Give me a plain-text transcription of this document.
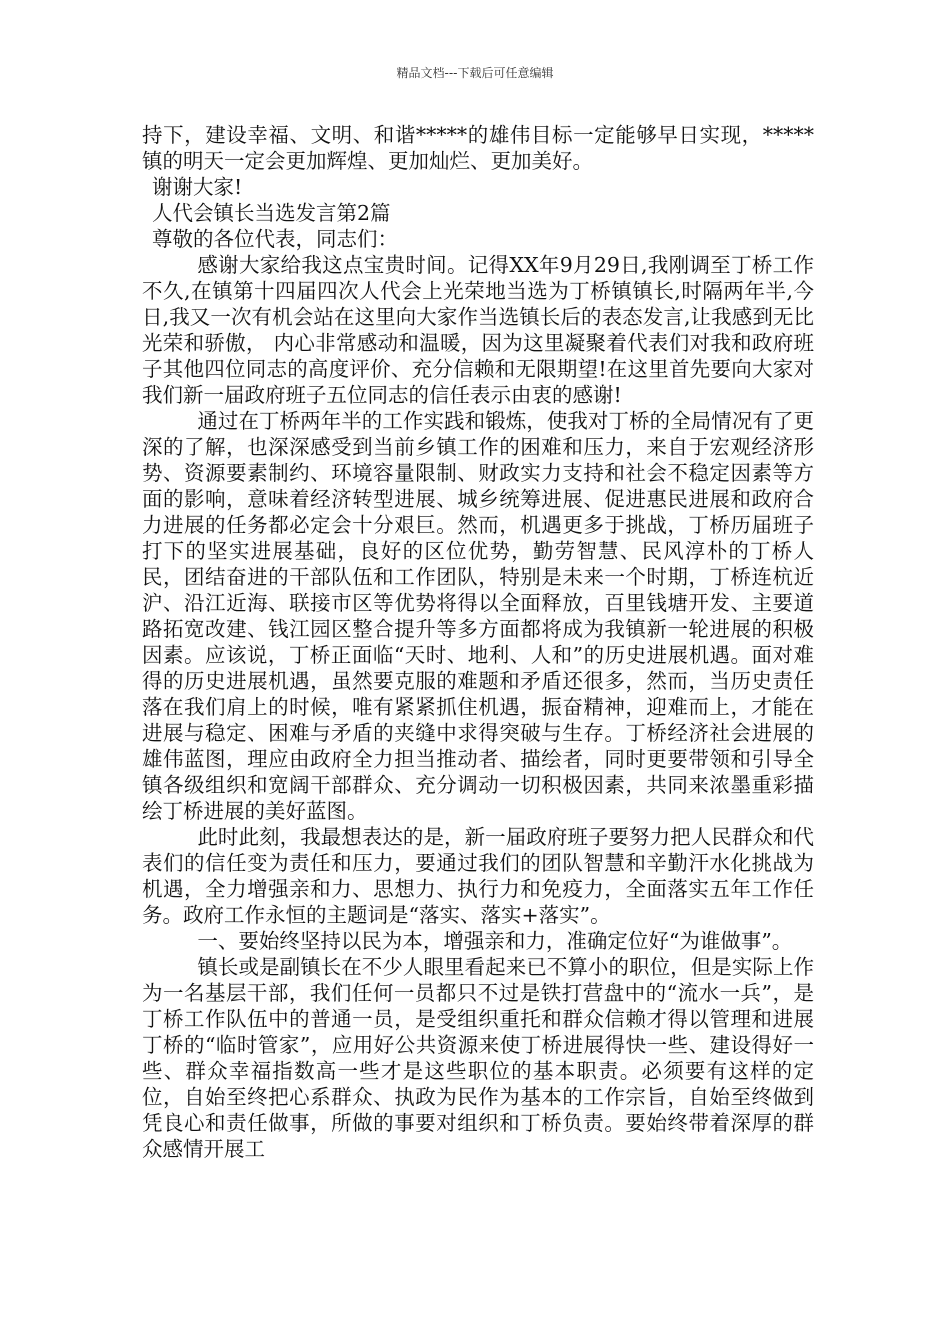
精品文档---下载后可任意编辑

持下，建设幸福、文明、和谐*****的雄伟目标一定能够早日实现，*****镇的明天一定会更加辉煌、更加灿烂、更加美好。

谢谢大家!

人代会镇长当选发言第2篇

尊敬的各位代表，同志们：

感谢大家给我这点宝贵时间。记得XX年9月29日,我刚调至丁桥工作不久,在镇第十四届四次人代会上光荣地当选为丁桥镇镇长,时隔两年半,今日,我又一次有机会站在这里向大家作当选镇长后的表态发言,让我感到无比光荣和骄傲， 内心非常感动和温暖，因为这里凝聚着代表们对我和政府班子其他四位同志的高度评价、充分信赖和无限期望!在这里首先要向大家对我们新一届政府班子五位同志的信任表示由衷的感谢!

通过在丁桥两年半的工作实践和锻炼，使我对丁桥的全局情况有了更深的了解，也深深感受到当前乡镇工作的困难和压力，来自于宏观经济形势、资源要素制约、环境容量限制、财政实力支持和社会不稳定因素等方面的影响，意味着经济转型进展、城乡统筹进展、促进惠民进展和政府合力进展的任务都必定会十分艰巨。然而，机遇更多于挑战，丁桥历届班子打下的坚实进展基础，良好的区位优势，勤劳智慧、民风淳朴的丁桥人民，团结奋进的干部队伍和工作团队，特别是未来一个时期，丁桥连杭近沪、沿江近海、联接市区等优势将得以全面释放，百里钱塘开发、主要道路拓宽改建、钱江园区整合提升等多方面都将成为我镇新一轮进展的积极因素。应该说，丁桥正面临“天时、地利、人和”的历史进展机遇。面对难得的历史进展机遇，虽然要克服的难题和矛盾还很多，然而，当历史责任落在我们肩上的时候，唯有紧紧抓住机遇，振奋精神，迎难而上，才能在进展与稳定、困难与矛盾的夹缝中求得突破与生存。丁桥经济社会进展的雄伟蓝图，理应由政府全力担当推动者、描绘者，同时更要带领和引导全镇各级组织和宽阔干部群众、充分调动一切积极因素，共同来浓墨重彩描绘丁桥进展的美好蓝图。

此时此刻，我最想表达的是，新一届政府班子要努力把人民群众和代表们的信任变为责任和压力，要通过我们的团队智慧和辛勤汗水化挑战为机遇，全力增强亲和力、思想力、执行力和免疫力，全面落实五年工作任务。政府工作永恒的主题词是“落实、落实+落实”。

一、要始终坚持以民为本，增强亲和力，准确定位好“为谁做事”。

镇长或是副镇长在不少人眼里看起来已不算小的职位，但是实际上作为一名基层干部，我们任何一员都只不过是铁打营盘中的“流水一兵”，是丁桥工作队伍中的普通一员，是受组织重托和群众信赖才得以管理和进展丁桥的“临时管家”，应用好公共资源来使丁桥进展得快一些、建设得好一些、群众幸福指数高一些才是这些职位的基本职责。必须要有这样的定位，自始至终把心系群众、执政为民作为基本的工作宗旨，自始至终做到凭良心和责任做事，所做的事要对组织和丁桥负责。要始终带着深厚的群众感情开展工
